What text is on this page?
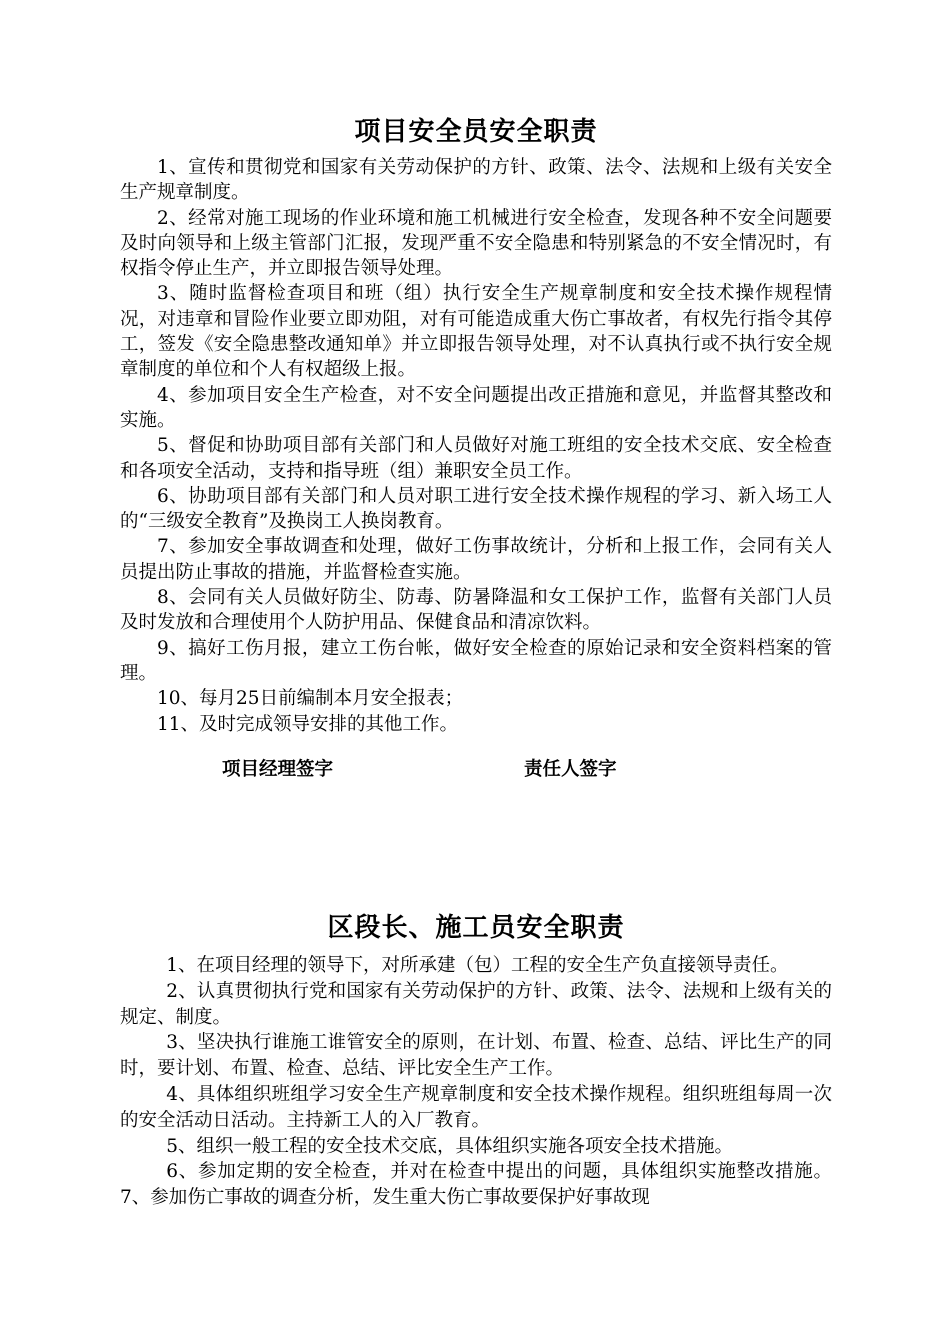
项目安全员安全职责

1、宣传和贯彻党和国家有关劳动保护的方针、政策、法令、法规和上级有关安全生产规章制度。

2、经常对施工现场的作业环境和施工机械进行安全检查，发现各种不安全问题要及时向领导和上级主管部门汇报，发现严重不安全隐患和特别紧急的不安全情况时，有权指令停止生产，并立即报告领导处理。

3、随时监督检查项目和班（组）执行安全生产规章制度和安全技术操作规程情况，对违章和冒险作业要立即劝阻，对有可能造成重大伤亡事故者，有权先行指令其停工，签发《安全隐患整改通知单》并立即报告领导处理，对不认真执行或不执行安全规章制度的单位和个人有权超级上报。

4、参加项目安全生产检查，对不安全问题提出改正措施和意见，并监督其整改和实施。

5、督促和协助项目部有关部门和人员做好对施工班组的安全技术交底、安全检查和各项安全活动，支持和指导班（组）兼职安全员工作。

6、协助项目部有关部门和人员对职工进行安全技术操作规程的学习、新入场工人的“三级安全教育”及换岗工人换岗教育。

7、参加安全事故调查和处理，做好工伤事故统计，分析和上报工作，会同有关人员提出防止事故的措施，并监督检查实施。

8、会同有关人员做好防尘、防毒、防暑降温和女工保护工作，监督有关部门人员及时发放和合理使用个人防护用品、保健食品和清凉饮料。

9、搞好工伤月报，建立工伤台帐，做好安全检查的原始记录和安全资料档案的管理。

10、每月25日前编制本月安全报表；

11、及时完成领导安排的其他工作。

项目经理签字	责任人签字
区段长、施工员安全职责

1、在项目经理的领导下，对所承建（包）工程的安全生产负直接领导责任。

2、认真贯彻执行党和国家有关劳动保护的方针、政策、法令、法规和上级有关的规定、制度。

3、坚决执行谁施工谁管安全的原则，在计划、布置、检查、总结、评比生产的同时，要计划、布置、检查、总结、评比安全生产工作。

4、具体组织班组学习安全生产规章制度和安全技术操作规程。组织班组每周一次的安全活动日活动。主持新工人的入厂教育。

5、组织一般工程的安全技术交底，具体组织实施各项安全技术措施。

6、参加定期的安全检查，并对在检查中提出的问题，具体组织实施整改措施。 7、参加伤亡事故的调查分析，发生重大伤亡事故要保护好事故现
